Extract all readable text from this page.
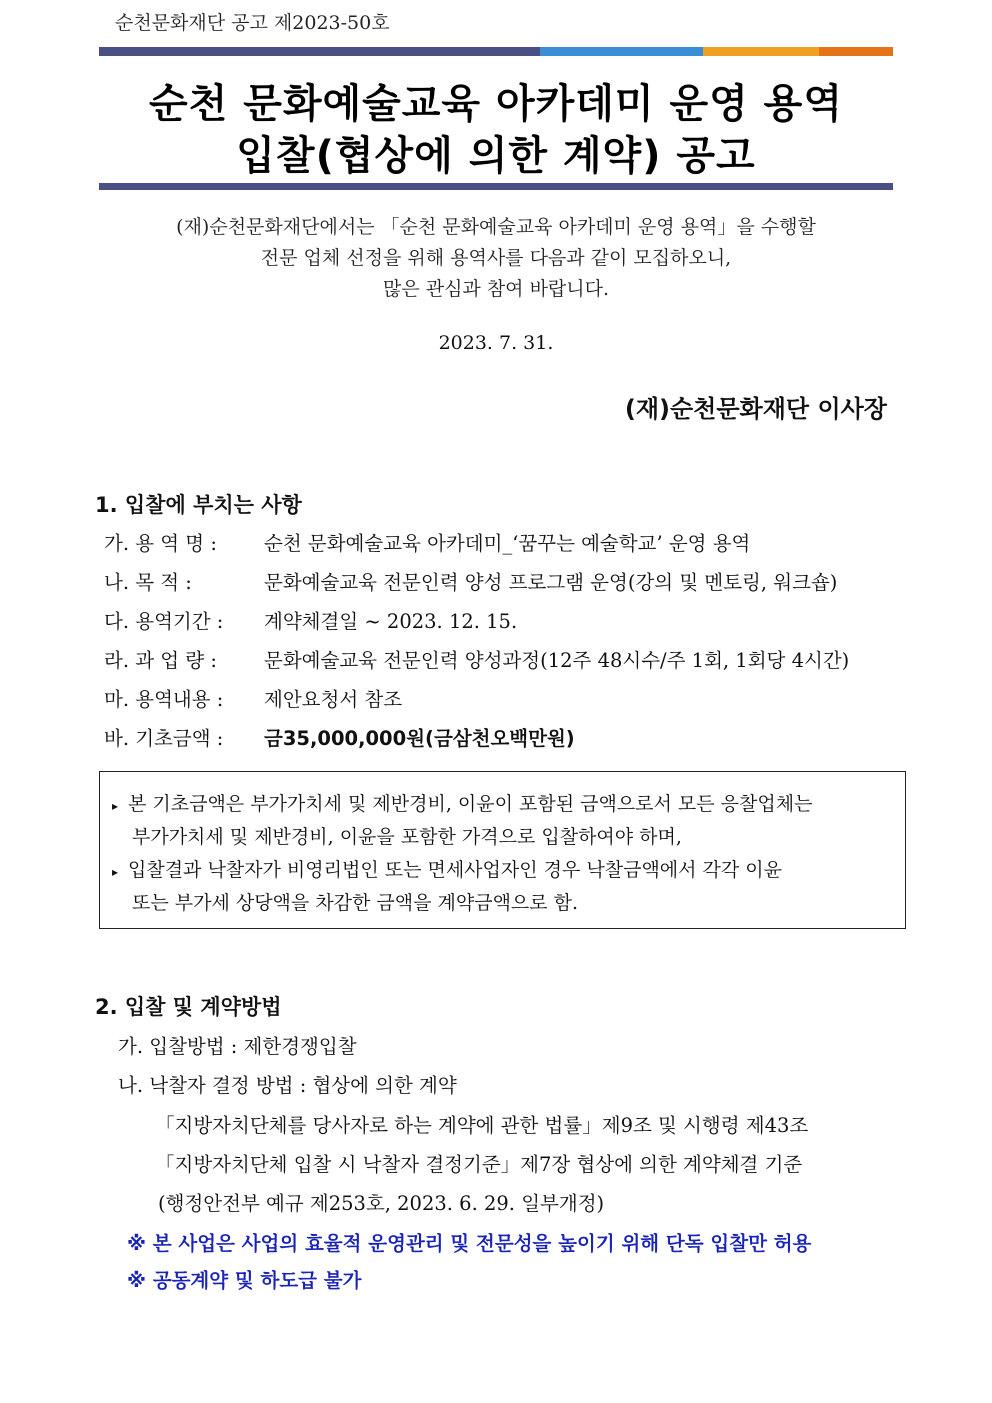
순천문화재단 공고 제2023-50호
순천 문화예술교육 아카데미 운영 용역
입찰(협상에 의한 계약) 공고
(재)순천문화재단에서는 「순천 문화예술교육 아카데미 운영 용역」을 수행할
전문 업체 선정을 위해 용역사를 다음과 같이 모집하오니,
많은 관심과 참여 바랍니다.
2023. 7. 31.
(재)순천문화재단 이사장
1. 입찰에 부치는 사항
가. 용 역 명 :	순천 문화예술교육 아카데미_‘꿈꾸는 예술학교’ 운영 용역
나. 목 적 :	문화예술교육 전문인력 양성 프로그램 운영(강의 및 멘토링, 워크숍)
다. 용역기간 :	계약체결일 ~ 2023. 12. 15.
라. 과 업 량 :	문화예술교육 전문인력 양성과정(12주 48시수/주 1회, 1회당 4시간)
마. 용역내용 :	제안요청서 참조
바. 기초금액 :	금35,000,000원(금삼천오백만원)
▸ 본 기초금액은 부가가치세 및 제반경비, 이윤이 포함된 금액으로서 모든 응찰업체는
부가가치세 및 제반경비, 이윤을 포함한 가격으로 입찰하여야 하며,
▸ 입찰결과 낙찰자가 비영리법인 또는 면세사업자인 경우 낙찰금액에서 각각 이윤
또는 부가세 상당액을 차감한 금액을 계약금액으로 함.
2. 입찰 및 계약방법
가. 입찰방법 : 제한경쟁입찰
나. 낙찰자 결정 방법 : 협상에 의한 계약
「지방자치단체를 당사자로 하는 계약에 관한 법률」제9조 및 시행령 제43조
「지방자치단체 입찰 시 낙찰자 결정기준」제7장 협상에 의한 계약체결 기준
(행정안전부 예규 제253호, 2023. 6. 29. 일부개정)
※ 본 사업은 사업의 효율적 운영관리 및 전문성을 높이기 위해 단독 입찰만 허용
※ 공동계약 및 하도급 불가
